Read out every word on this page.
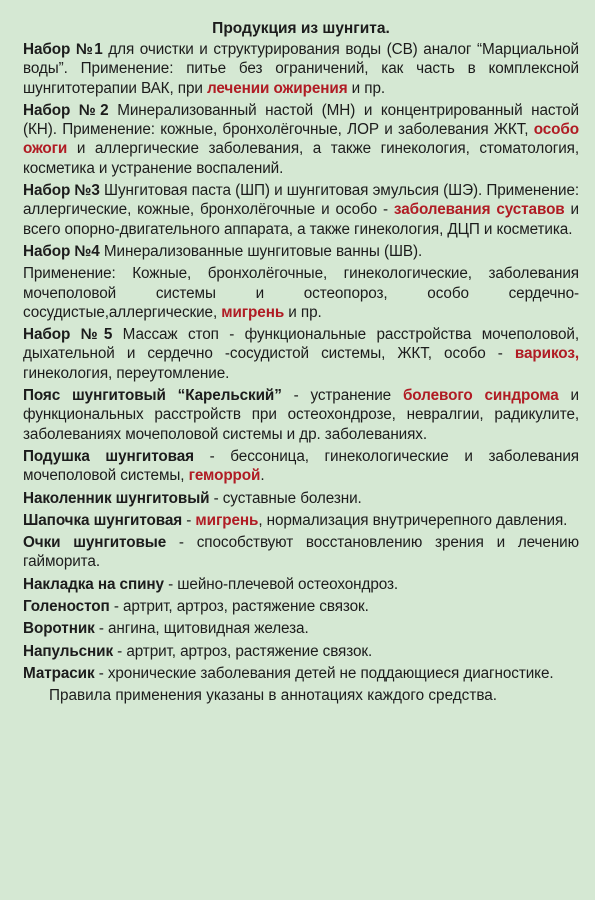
Продукция из шунгита.

Набор №1 для очистки и структурирования воды (СВ) аналог “Марциальной воды”. Применение: питье без ограничений, как часть в комплексной шунгитотерапии ВАК, при лечении ожирения и пр.

Набор №2 Минерализованный настой (МН) и концентрированный настой (КН). Применение: кожные, бронхолёгочные, ЛОР и заболевания ЖКТ, особо ожоги и аллергические заболевания, а также гинекология, стоматология, косметика и устранение воспалений.

Набор №3 Шунгитовая паста (ШП) и шунгитовая эмульсия (ШЭ). Применение: аллергические, кожные, бронхолёгочные и особо - заболевания суставов и всего опорно-двигательного аппарата, а также гинекология, ДЦП и косметика.

Набор №4 Минерализованные шунгитовые ванны (ШВ).

Применение: Кожные, бронхолёгочные, гинекологические, заболевания мочеполовой системы и остеопороз, особо сердечно-сосудистые,аллергические, мигрень и пр.

Набор №5 Массаж стоп - функциональные расстройства мочеполовой, дыхательной и сердечно -сосудистой системы, ЖКТ, особо - варикоз, гинекология, переутомление.

Пояс шунгитовый “Карельский” - устранение болевого синдрома и функциональных расстройств при остеохондрозе, невралгии, радикулите, заболеваниях мочеполовой системы и др. заболеваниях.

Подушка шунгитовая - бессоница, гинекологические и заболевания мочеполовой системы, геморрой.

Наколенник шунгитовый - суставные болезни.

Шапочка шунгитовая - мигрень, нормализация внутричерепного давления.

Очки шунгитовые - способствуют восстановлению зрения и лечению гайморита.

Накладка на спину - шейно-плечевой остеохондроз.

Голеностоп - артрит, артроз, растяжение связок.

Воротник - ангина, щитовидная железа.

Напульсник - артрит, артроз, растяжение связок.

Матрасик - хронические заболевания детей не поддающиеся диагностике.

Правила применения указаны в аннотациях каждого средства.
